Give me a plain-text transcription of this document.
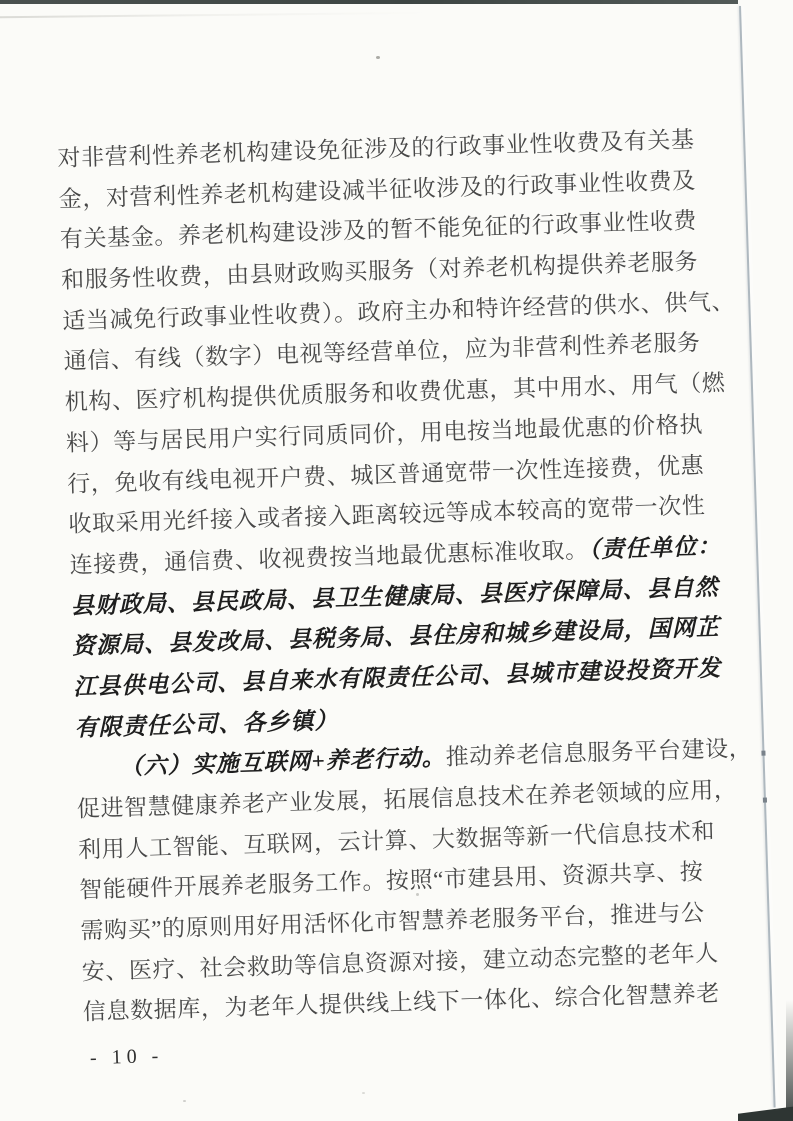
对非营利性养老机构建设免征涉及的行政事业性收费及有关基
金，对营利性养老机构建设减半征收涉及的行政事业性收费及
有关基金。养老机构建设涉及的暂不能免征的行政事业性收费
和服务性收费，由县财政购买服务（对养老机构提供养老服务
适当减免行政事业性收费）。政府主办和特许经营的供水、供气、
通信、有线（数字）电视等经营单位，应为非营利性养老服务
机构、医疗机构提供优质服务和收费优惠，其中用水、用气（燃
料）等与居民用户实行同质同价，用电按当地最优惠的价格执
行，免收有线电视开户费、城区普通宽带一次性连接费，优惠
收取采用光纤接入或者接入距离较远等成本较高的宽带一次性
连接费，通信费、收视费按当地最优惠标准收取。（责任单位：
县财政局、县民政局、县卫生健康局、县医疗保障局、县自然
资源局、县发改局、县税务局、县住房和城乡建设局，国网芷
江县供电公司、县自来水有限责任公司、县城市建设投资开发
有限责任公司、各乡镇）
（六）实施互联网+养老行动。推动养老信息服务平台建设，
促进智慧健康养老产业发展，拓展信息技术在养老领域的应用，
利用人工智能、互联网，云计算、大数据等新一代信息技术和
智能硬件开展养老服务工作。按照“市建县用、资源共享、按
需购买”的原则用好用活怀化市智慧养老服务平台，推进与公
安、医疗、社会救助等信息资源对接，建立动态完整的老年人
信息数据库，为老年人提供线上线下一体化、综合化智慧养老
- 10 -
